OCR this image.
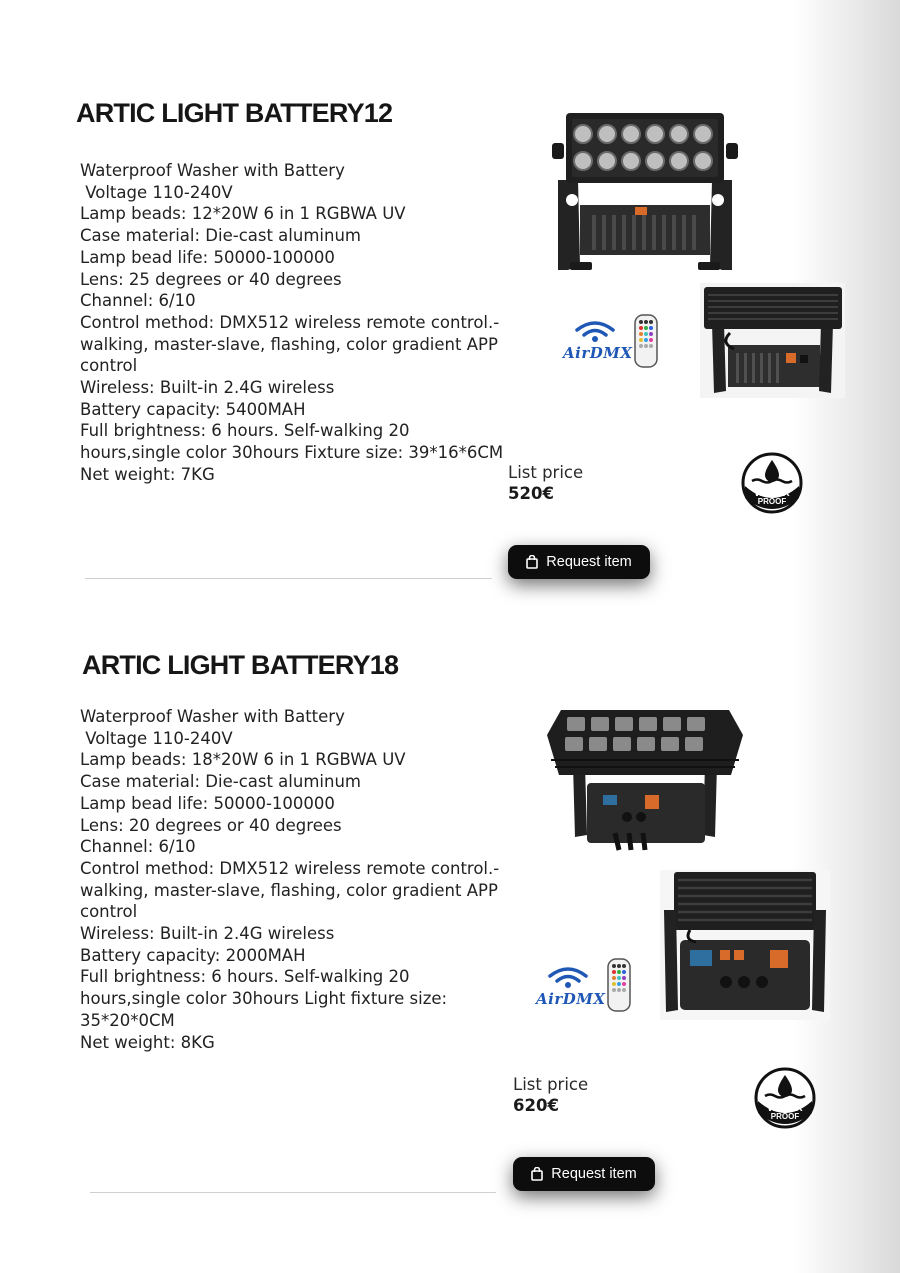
ARTIC LIGHT BATTERY12

Waterproof Washer with Battery
Voltage 110-240V
Lamp beads: 12*20W 6 in 1 RGBWA UV
Case material: Die-cast aluminum
Lamp bead life: 50000-100000
Lens: 25 degrees or 40 degrees
Channel: 6/10
Control method: DMX512 wireless remote control.-walking, master-slave, flashing, color gradient APP control
Wireless: Built-in 2.4G wireless
Battery capacity: 5400MAH
Full brightness: 6 hours. Self-walking 20 hours,single color 30hours Fixture size: 39*16*6CM
Net weight: 7KG

AirDMX
List price
520€	WATER
PROOF
Request item
ARTIC LIGHT BATTERY18

Waterproof Washer with Battery
Voltage 110-240V
Lamp beads: 18*20W 6 in 1 RGBWA UV
Case material: Die-cast aluminum
Lamp bead life: 50000-100000
Lens: 20 degrees or 40 degrees
Channel: 6/10
Control method: DMX512 wireless remote control.-walking, master-slave, flashing, color gradient APP control
Wireless: Built-in 2.4G wireless
Battery capacity: 2000MAH
Full brightness: 6 hours. Self-walking 20 hours,single color 30hours Light fixture size: 35*20*0CM
Net weight: 8KG

AirDMX
List price
620€	WATER
PROOF
Request item
